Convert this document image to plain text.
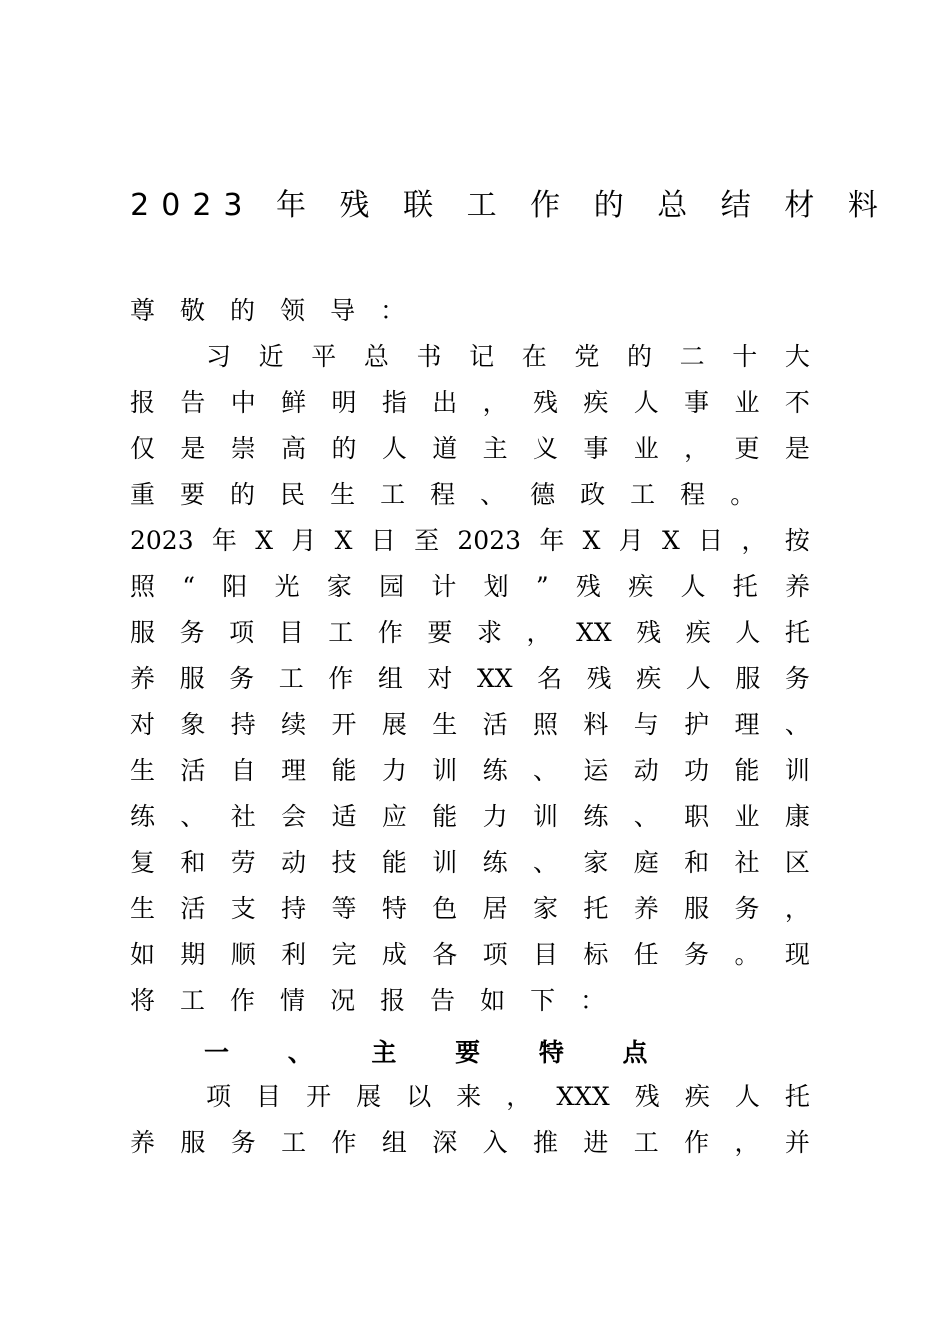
2023 年 残 联 工 作 的 总 结 材 料
尊 敬 的 领 导 ：
习 近 平 总 书 记 在 党 的 二 十 大
报 告 中 鲜 明 指 出 ， 残 疾 人 事 业 不
仅 是 崇 高 的 人 道 主 义 事 业 ， 更 是
重 要 的 民 生 工 程 、 德 政 工 程 。
2023 年 X 月 X 日 至 2023 年 X 月 X 日 ， 按
照 “ 阳 光 家 园 计 划 ” 残 疾 人 托 养
服 务 项 目 工 作 要 求 ， XX 残 疾 人 托
养 服 务 工 作 组 对 XX 名 残 疾 人 服 务
对 象 持 续 开 展 生 活 照 料 与 护 理 、
生 活 自 理 能 力 训 练 、 运 动 功 能 训
练 、 社 会 适 应 能 力 训 练 、 职 业 康
复 和 劳 动 技 能 训 练 、 家 庭 和 社 区
生 活 支 持 等 特 色 居 家 托 养 服 务 ，
如 期 顺 利 完 成 各 项 目 标 任 务 。 现
将 工 作 情 况 报 告 如 下 ：
一 、 主 要 特 点
项 目 开 展 以 来 ， XXX 残 疾 人 托
养 服 务 工 作 组 深 入 推 进 工 作 ， 并
